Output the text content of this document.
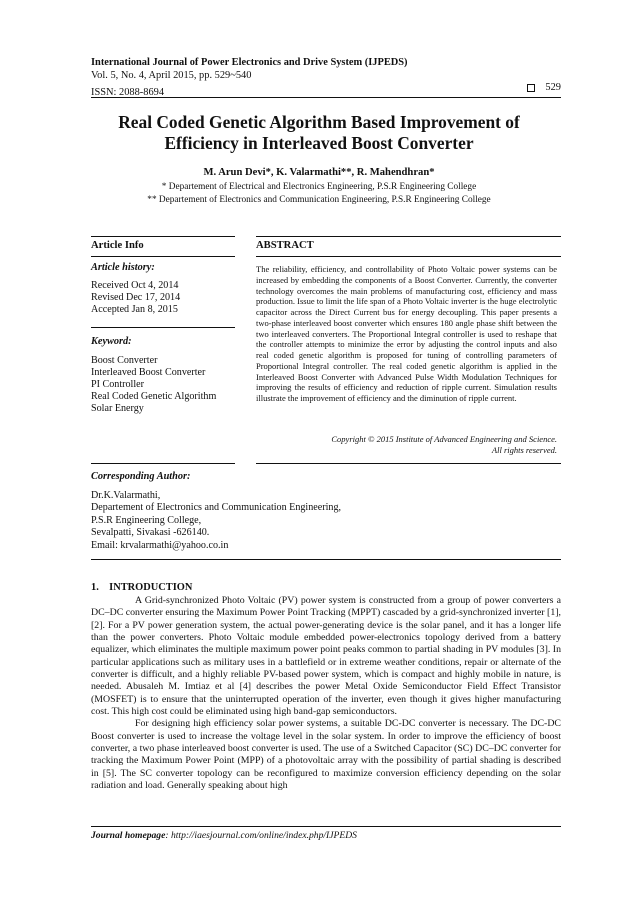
International Journal of Power Electronics and Drive System (IJPEDS)
Vol. 5, No. 4, April 2015, pp. 529~540
ISSN: 2088-8694	529
Real Coded Genetic Algorithm Based Improvement of
Efficiency in Interleaved Boost Converter
M. Arun Devi*, K. Valarmathi**, R. Mahendhran*
* Departement of Electrical and Electronics Engineering, P.S.R Engineering College
** Departement of Electronics and Communication Engineering, P.S.R Engineering College
Article Info
Article history:
Received Oct 4, 2014
Revised Dec 17, 2014
Accepted Jan 8, 2015
Keyword:
Boost Converter
Interleaved Boost Converter
PI Controller
Real Coded Genetic Algorithm
Solar Energy
ABSTRACT
The reliability, efficiency, and controllability of Photo Voltaic power systems can be increased by embedding the components of a Boost Converter. Currently, the converter technology overcomes the main problems of manufacturing cost, efficiency and mass production. Issue to limit the life span of a Photo Voltaic inverter is the huge electrolytic capacitor across the Direct Current bus for energy decoupling. This paper presents a two-phase interleaved boost converter which ensures 180 angle phase shift between the two interleaved converters. The Proportional Integral controller is used to reshape that the controller attempts to minimize the error by adjusting the control inputs and also real coded genetic algorithm is proposed for tuning of controlling parameters of Proportional Integral controller. The real coded genetic algorithm is applied in the Interleaved Boost Converter with Advanced Pulse Width Modulation Techniques for improving the results of efficiency and reduction of ripple current. Simulation results illustrate the improvement of efficiency and the diminution of ripple current.
Copyright © 2015 Institute of Advanced Engineering and Science.
All rights reserved.
Corresponding Author:
Dr.K.Valarmathi,
Departement of Electronics and Communication Engineering,
P.S.R Engineering College,
Sevalpatti, Sivakasi -626140.
Email: krvalarmathi@yahoo.co.in
1.    INTRODUCTION

A Grid-synchronized Photo Voltaic (PV) power system is constructed from a group of power converters a DC–DC converter ensuring the Maximum Power Point Tracking (MPPT) cascaded by a grid-synchronized inverter [1], [2]. For a PV power generation system, the actual power-generating device is the solar panel, and it has a longer life than the power converters. Photo Voltaic module embedded power-electronics topology derived from a battery equalizer, which eliminates the multiple maximum power point peaks common to partial shading in PV modules [3]. In particular applications such as military uses in a battlefield or in extreme weather conditions, repair or alternate of the converter is difficult, and a highly reliable PV-based power system, which is compact and highly mobile in nature, is needed. Abusaleh M. Imtiaz et al [4] describes the power Metal Oxide Semiconductor Field Effect Transistor (MOSFET) is to ensure that the uninterrupted operation of the inverter, even though it gives higher manufacturing cost. This high cost could be eliminated using high band-gap semiconductors.

For designing high efficiency solar power systems, a suitable DC-DC converter is necessary. The DC-DC Boost converter is used to increase the voltage level in the solar system. In order to improve the efficiency of boost converter, a two phase interleaved boost converter is used. The use of a Switched Capacitor (SC) DC–DC converter for tracking the Maximum Power Point (MPP) of a photovoltaic array with the possibility of partial shading is described in [5]. The SC converter topology can be reconfigured to maximize conversion efficiency depending on the solar radiation and load. Generally speaking about high

Journal homepage: http://iaesjournal.com/online/index.php/IJPEDS
